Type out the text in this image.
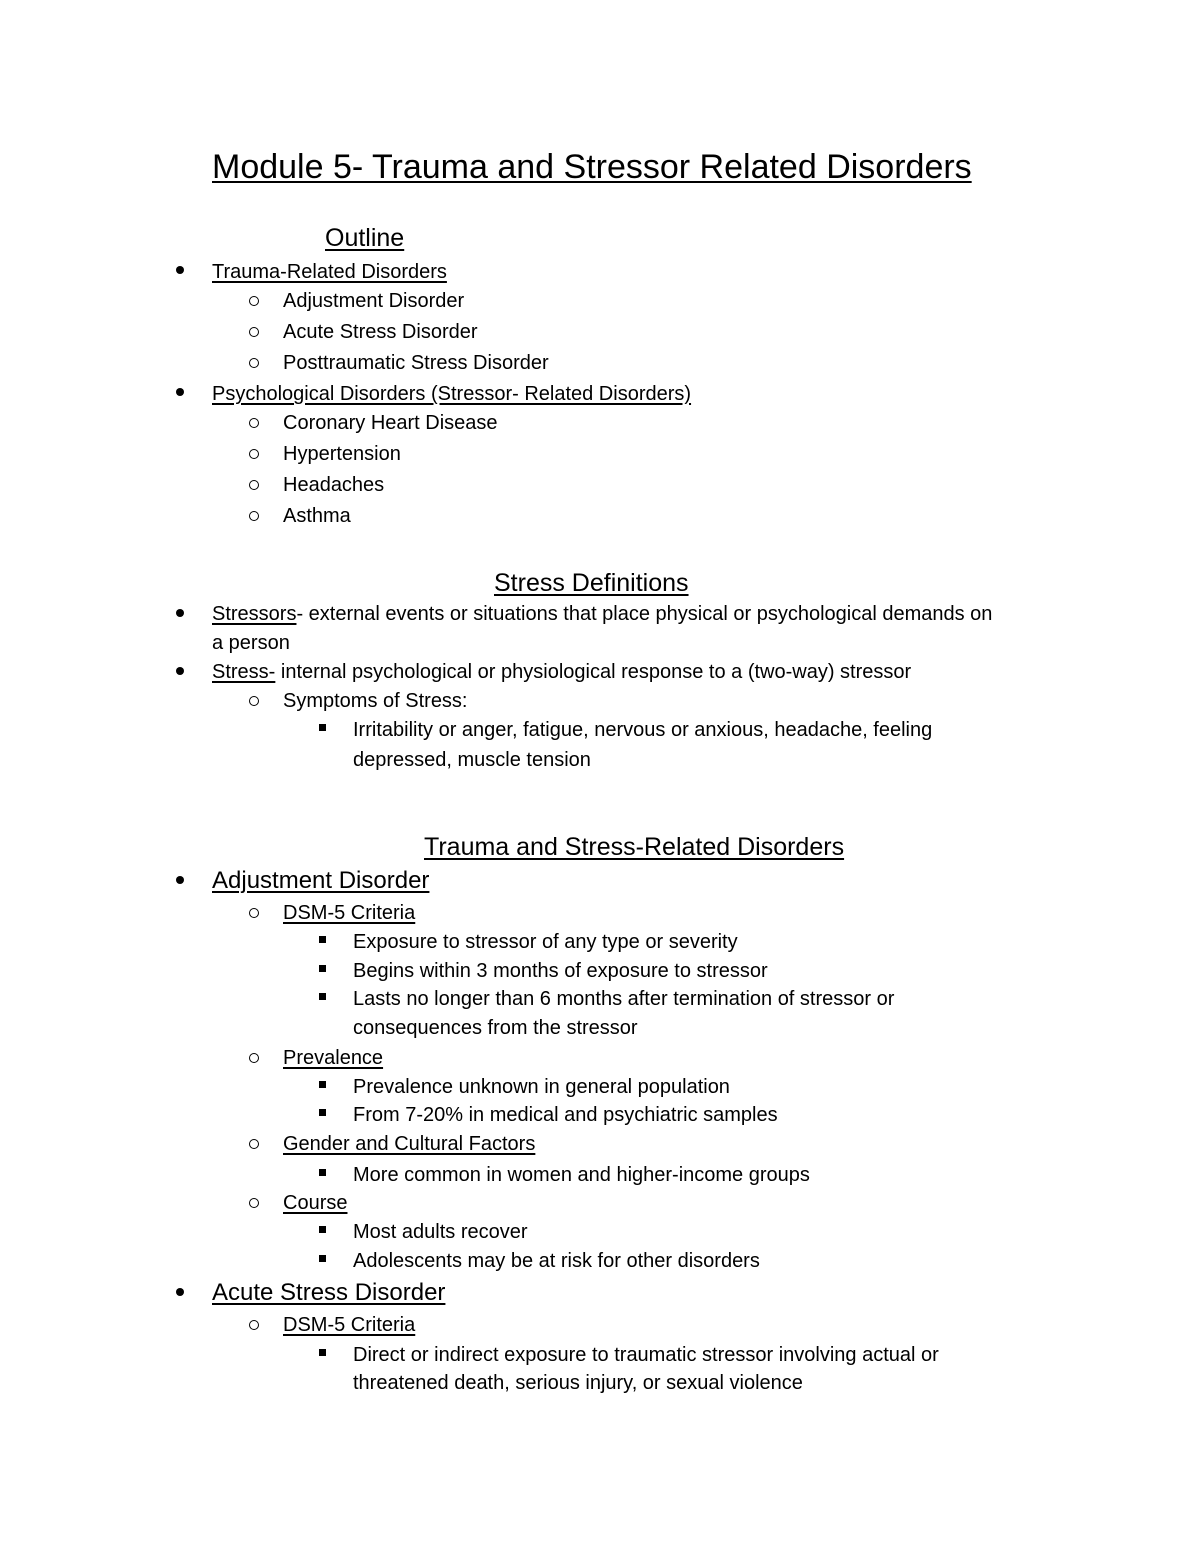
Module 5- Trauma and Stressor Related Disorders
Outline
Trauma-Related Disorders
Adjustment Disorder
Acute Stress Disorder
Posttraumatic Stress Disorder
Psychological Disorders (Stressor- Related Disorders)
Coronary Heart Disease
Hypertension
Headaches
Asthma
Stress Definitions
Stressors- external events or situations that place physical or psychological demands on
a person
Stress- internal psychological or physiological response to a (two-way) stressor
Symptoms of Stress:
Irritability or anger, fatigue, nervous or anxious, headache, feeling
depressed, muscle tension
Trauma and Stress-Related Disorders
Adjustment Disorder
DSM-5 Criteria
Exposure to stressor of any type or severity
Begins within 3 months of exposure to stressor
Lasts no longer than 6 months after termination of stressor or
consequences from the stressor
Prevalence
Prevalence unknown in general population
From 7-20% in medical and psychiatric samples
Gender and Cultural Factors
More common in women and higher-income groups
Course
Most adults recover
Adolescents may be at risk for other disorders
Acute Stress Disorder
DSM-5 Criteria
Direct or indirect exposure to traumatic stressor involving actual or
threatened death, serious injury, or sexual violence
